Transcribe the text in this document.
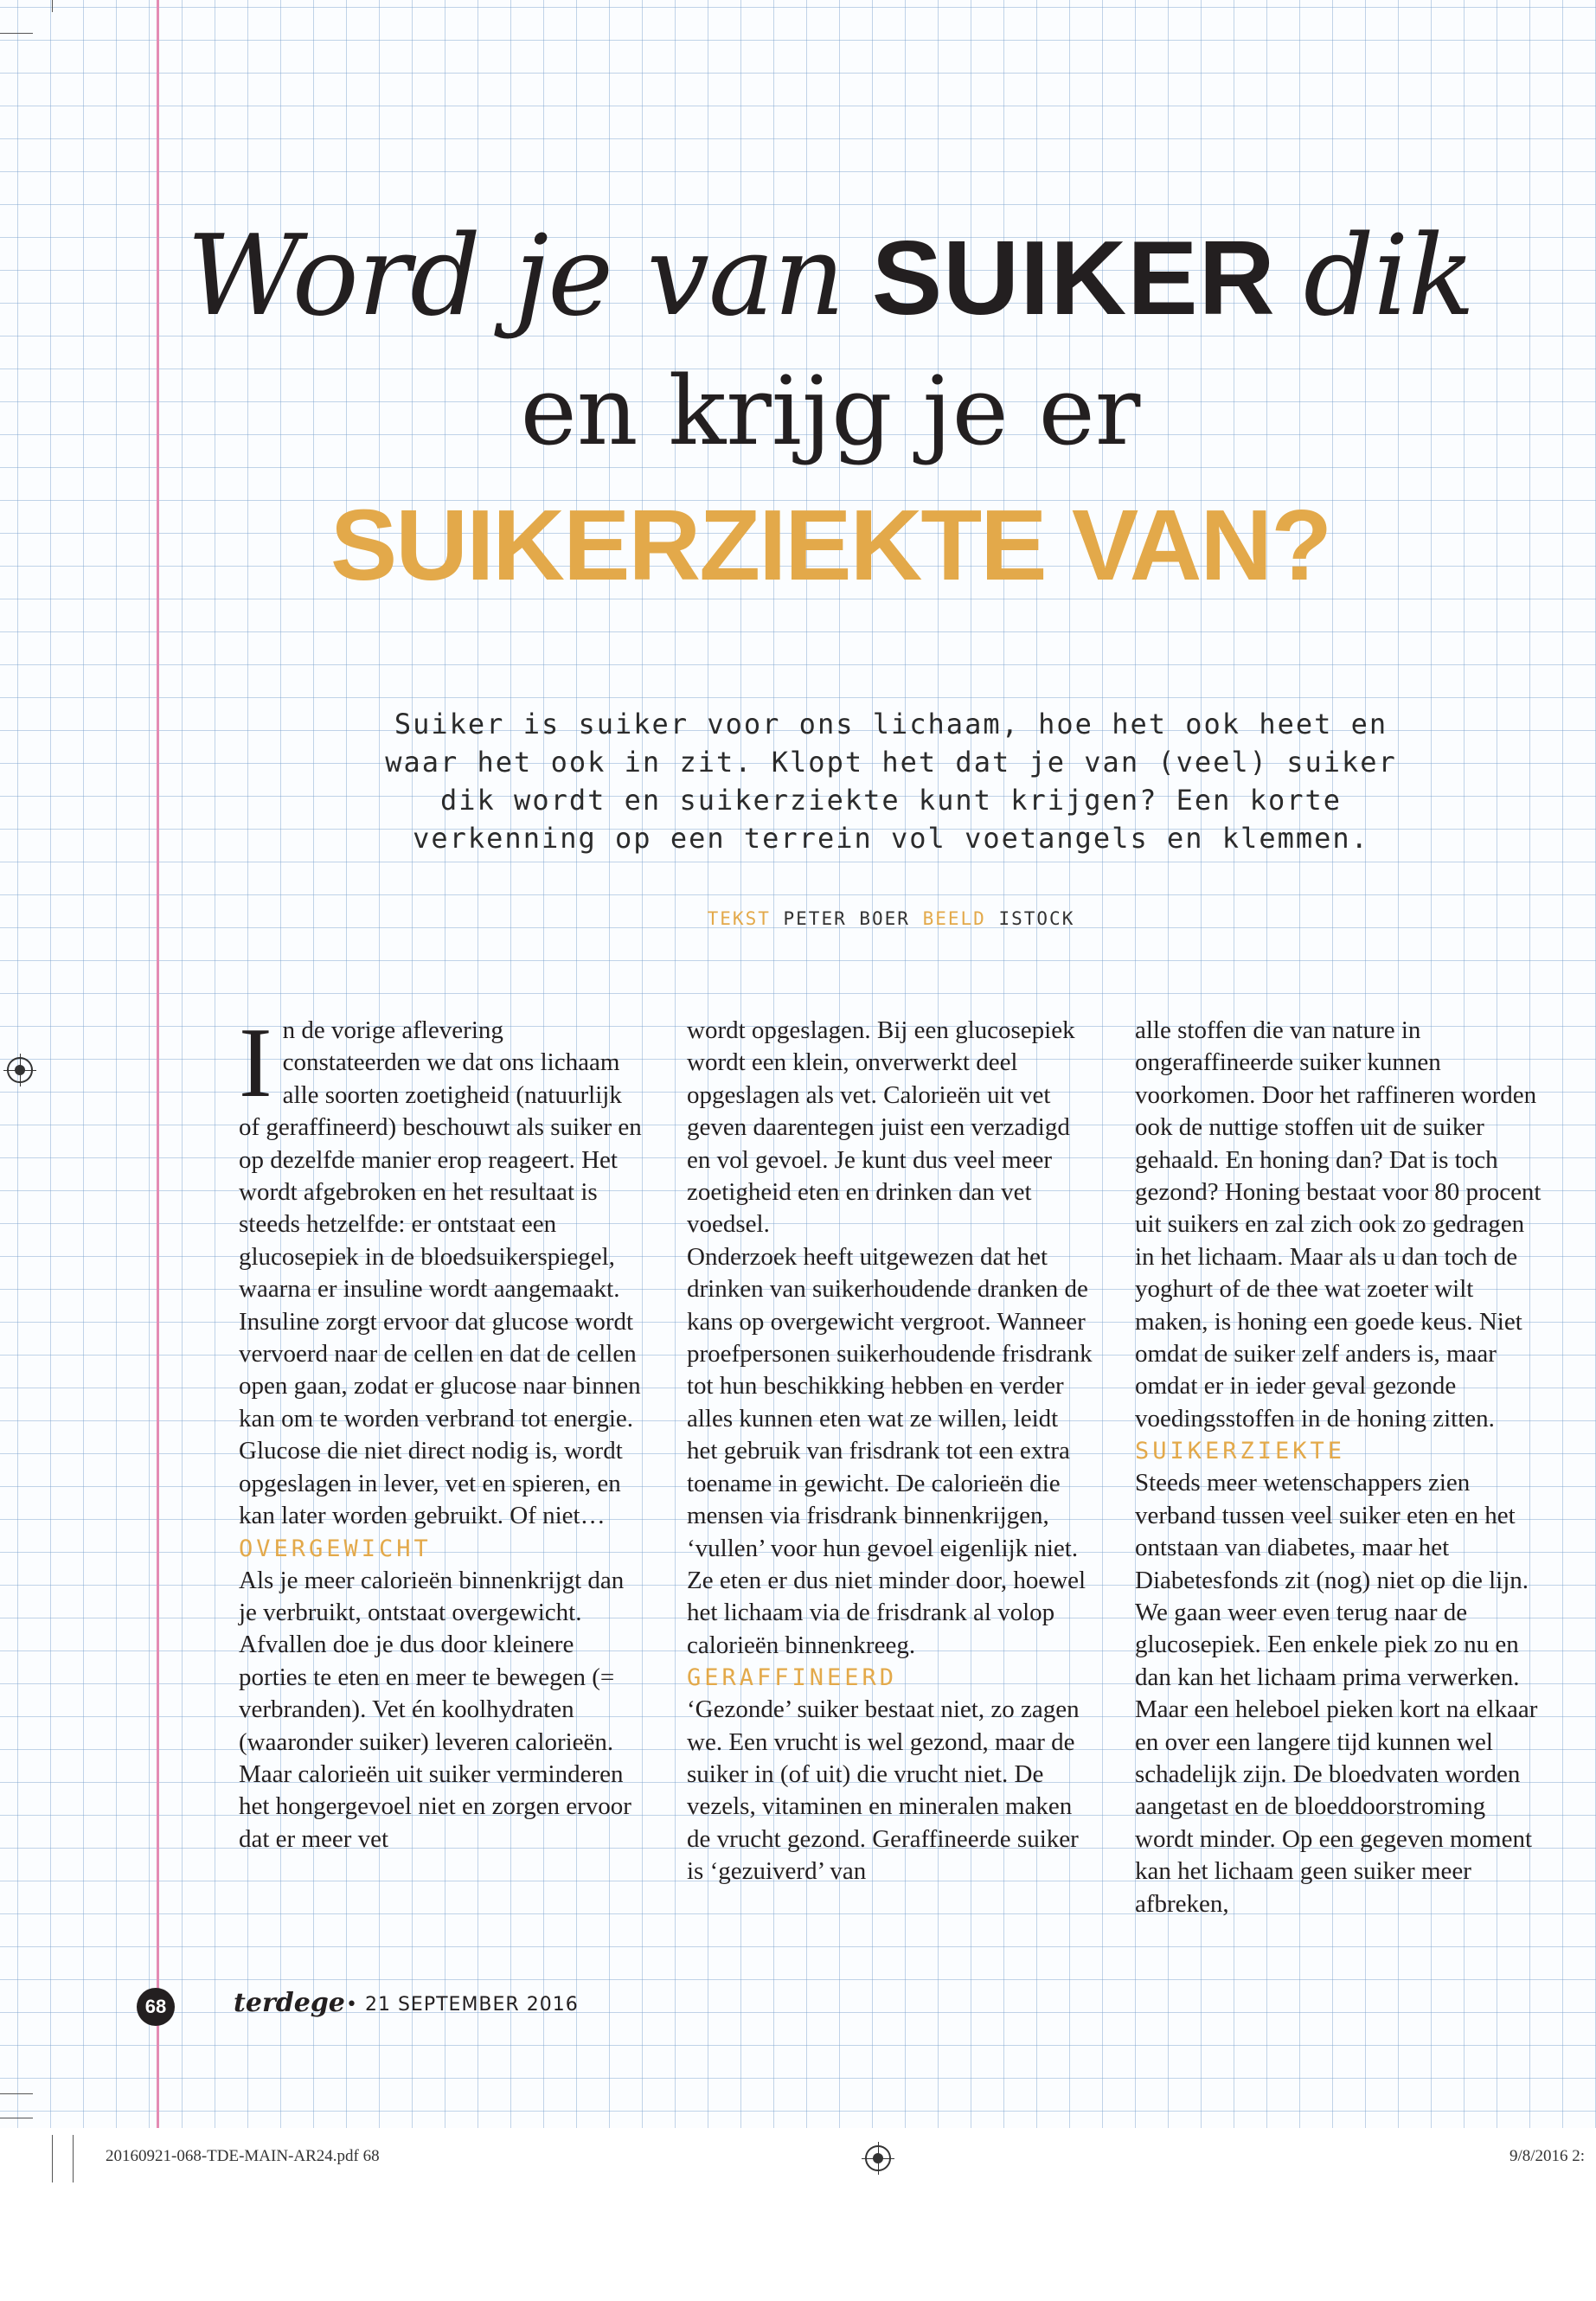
Word je van SUIKER dik
en krijg je er
SUIKERZIEKTE VAN?
Suiker is suiker voor ons lichaam, hoe het ook heet en
waar het ook in zit. Klopt het dat je van (veel) suiker
dik wordt en suikerziekte kunt krijgen? Een korte
verkenning op een terrein vol voetangels en klemmen.
TEKST PETER BOER BEELD ISTOCK

In de vorige aflevering constateerden we dat ons lichaam alle soorten zoetigheid (natuurlijk of geraffineerd) beschouwt als suiker en op dezelfde manier erop reageert. Het wordt afgebroken en het resultaat is steeds hetzelfde: er ontstaat een glucosepiek in de bloedsuikerspiegel, waarna er insuline wordt aangemaakt.

Insuline zorgt ervoor dat glucose wordt vervoerd naar de cellen en dat de cellen open gaan, zodat er glucose naar binnen kan om te worden verbrand tot energie. Glucose die niet direct nodig is, wordt opgeslagen in lever, vet en spieren, en kan later worden gebruikt. Of niet…

OVERGEWICHT

Als je meer calorieën binnenkrijgt dan je verbruikt, ontstaat overgewicht. Afvallen doe je dus door kleinere porties te eten en meer te bewegen (= verbranden). Vet én koolhydraten (waaronder suiker) leveren calorieën. Maar calorieën uit suiker verminderen het hongergevoel niet en zorgen ervoor dat er meer vet

wordt opgeslagen. Bij een glucosepiek wordt een klein, onverwerkt deel opgeslagen als vet. Calorieën uit vet geven daarentegen juist een verzadigd en vol gevoel. Je kunt dus veel meer zoetigheid eten en drinken dan vet voedsel.

Onderzoek heeft uitgewezen dat het drinken van suikerhoudende dranken de kans op overgewicht vergroot. Wanneer proefpersonen suikerhoudende frisdrank tot hun beschikking hebben en verder alles kunnen eten wat ze willen, leidt het gebruik van frisdrank tot een extra toename in gewicht. De calorieën die mensen via frisdrank binnenkrijgen, ‘vullen’ voor hun gevoel eigenlijk niet. Ze eten er dus niet minder door, hoewel het lichaam via de frisdrank al volop calorieën binnenkreeg.

GERAFFINEERD

‘Gezonde’ suiker bestaat niet, zo zagen we. Een vrucht is wel gezond, maar de suiker in (of uit) die vrucht niet. De vezels, vitaminen en mineralen maken de vrucht gezond. Geraffineerde suiker is ‘gezuiverd’ van

alle stoffen die van nature in ongeraffineerde suiker kunnen voorkomen. Door het raffineren worden ook de nuttige stoffen uit de suiker gehaald. En honing dan? Dat is toch gezond? Honing bestaat voor 80 procent uit suikers en zal zich ook zo gedragen in het lichaam. Maar als u dan toch de yoghurt of de thee wat zoeter wilt maken, is honing een goede keus. Niet omdat de suiker zelf anders is, maar omdat er in ieder geval gezonde voedingsstoffen in de honing zitten.

SUIKERZIEKTE

Steeds meer wetenschappers zien verband tussen veel suiker eten en het ontstaan van diabetes, maar het Diabetesfonds zit (nog) niet op die lijn. We gaan weer even terug naar de glucosepiek. Een enkele piek zo nu en dan kan het lichaam prima verwerken. Maar een heleboel pieken kort na elkaar en over een langere tijd kunnen wel schadelijk zijn. De bloedvaten worden aangetast en de bloeddoorstroming wordt minder. Op een gegeven moment kan het lichaam geen suiker meer afbreken,

68	terdege • 21 SEPTEMBER 2016
20160921-068-TDE-MAIN-AR24.pdf 68	9/8/2016 2:
